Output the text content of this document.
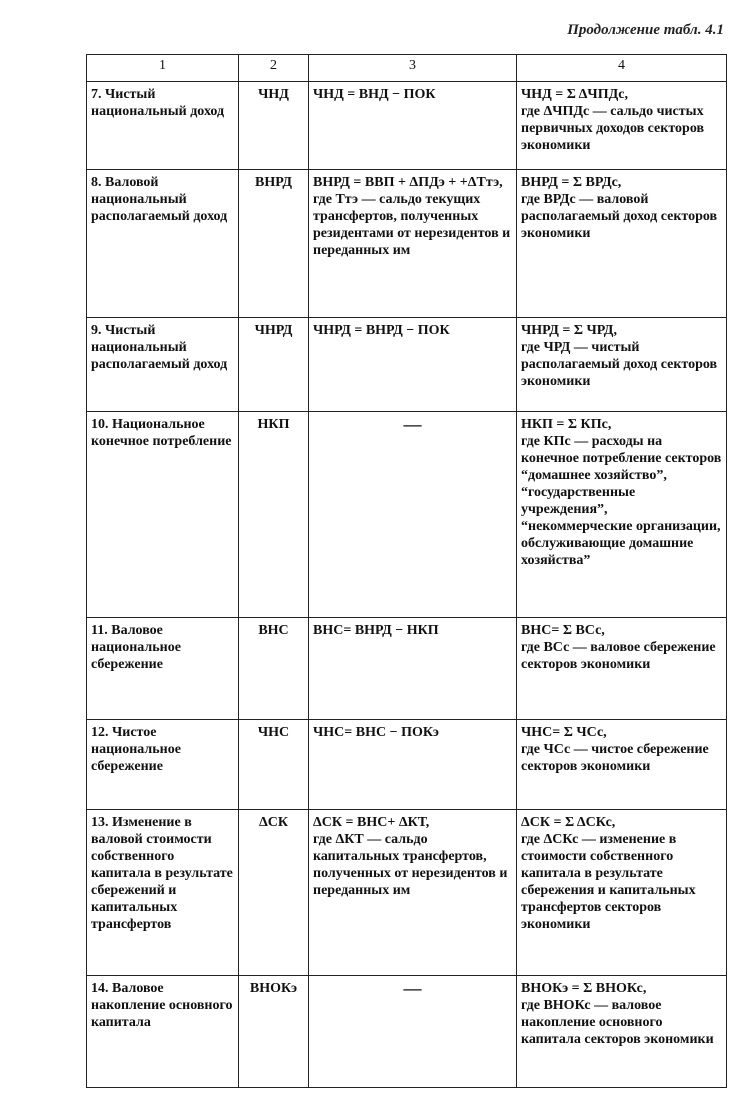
Продолжение табл. 4.1
1	2	3	4
7. Чистый национальный доход	ЧНД	ЧНД = ВНД − ПОК	ЧНД = Σ ΔЧПДс,
где ΔЧПДс — сальдо чистых первичных доходов секторов экономики

8. Валовой национальный располагаемый доход	ВНРД	ВНРД = ВВП + ΔПДэ + +ΔТтэ,
где Ттэ — сальдо текущих трансфертов, полученных резидентами от нерезидентов и переданных им	ВНРД = Σ ВРДс,
где ВРДс — валовой располагаемый доход секторов экономики

9. Чистый национальный располагаемый доход	ЧНРД	ЧНРД = ВНРД − ПОК	ЧНРД = Σ ЧРД,
где ЧРД — чистый располагаемый доход секторов экономики

10. Национальное конечное потребление	НКП	—	НКП = Σ КПс,
где КПс — расходы на конечное потребление секторов “домашнее хозяйство”, “государственные учреждения”, “некоммерческие организации, обслуживающие домашние хозяйства”

11. Валовое национальное сбережение	ВНС	ВНС= ВНРД − НКП	ВНС= Σ ВСс,
где ВСс — валовое сбережение секторов экономики

12. Чистое национальное сбережение	ЧНС	ЧНС= ВНС − ПОКэ	ЧНС= Σ ЧСс,
где ЧСс — чистое сбережение секторов экономики

13. Изменение в валовой стоимости собственного капитала в результате сбережений и капитальных трансфертов	ΔСК	ΔСК = ВНС+ ΔКТ,
где ΔКТ — сальдо капитальных трансфертов, полученных от нерезидентов и переданных им	ΔСК = Σ ΔСКс,
где ΔСКс — изменение в стоимости собственного капитала в результате сбережения и капитальных трансфертов секторов экономики

14. Валовое накопление основного капитала	ВНОКэ	—	ВНОКэ = Σ ВНОКс,
где ВНОКс — валовое накопление основного капитала секторов экономики
